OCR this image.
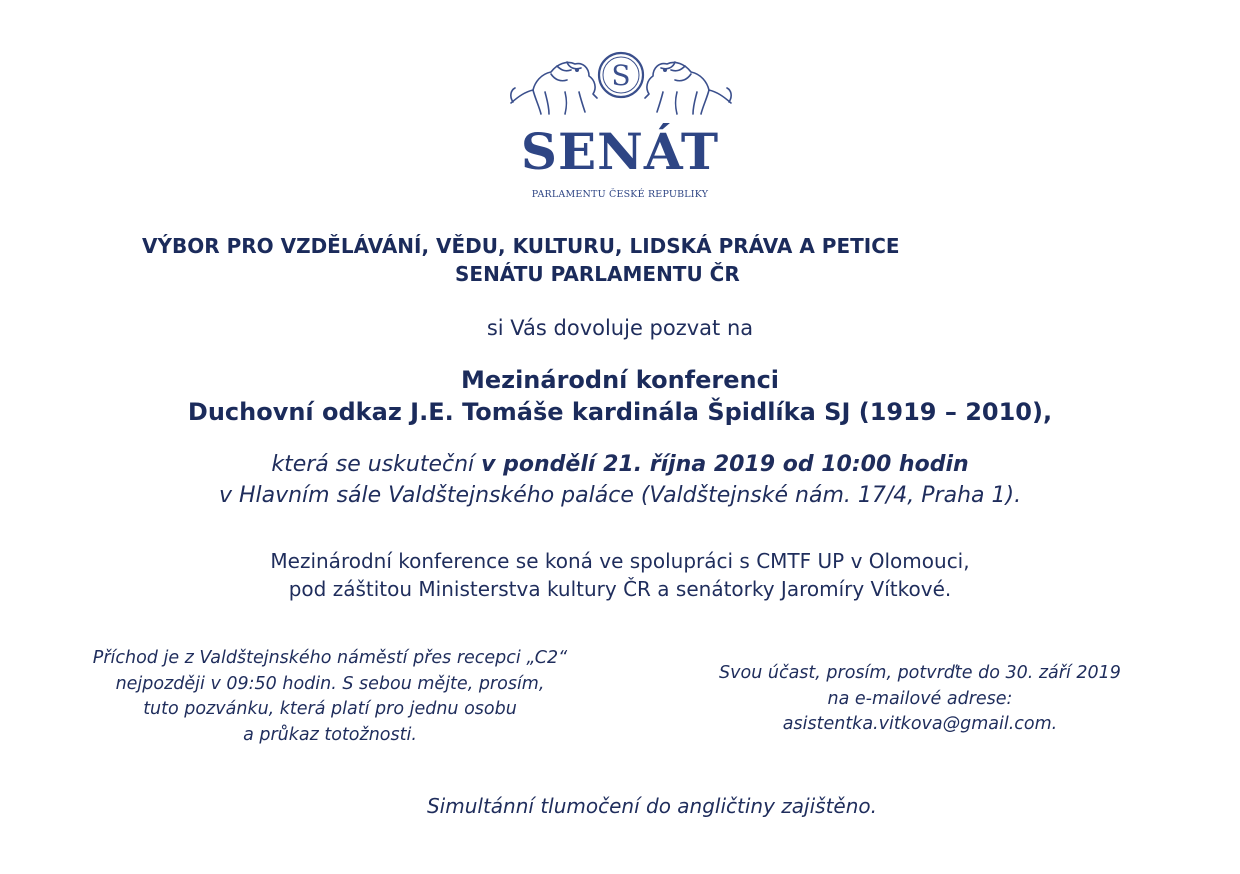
S
SENÁT
PARLAMENTU ČESKÉ REPUBLIKY
VÝBOR PRO VZDĚLÁVÁNÍ, VĚDU, KULTURU, LIDSKÁ PRÁVA A PETICE
SENÁTU PARLAMENTU ČR
si Vás dovoluje pozvat na
Mezinárodní konferenci
Duchovní odkaz J.E. Tomáše kardinála Špidlíka SJ (1919 – 2010),
která se uskuteční v pondělí 21. října 2019 od 10:00 hodin
v Hlavním sále Valdštejnského paláce (Valdštejnské nám. 17/4, Praha 1).
Mezinárodní konference se koná ve spolupráci s CMTF UP v Olomouci,
pod záštitou Ministerstva kultury ČR a senátorky Jaromíry Vítkové.
Příchod je z Valdštejnského náměstí přes recepci „C2“
nejpozději v 09:50 hodin. S sebou mějte, prosím,
tuto pozvánku, která platí pro jednu osobu
a průkaz totožnosti.
Svou účast, prosím, potvrďte do 30. září 2019
na e-mailové adrese:
asistentka.vitkova@gmail.com.
Simultánní tlumočení do angličtiny zajištěno.
